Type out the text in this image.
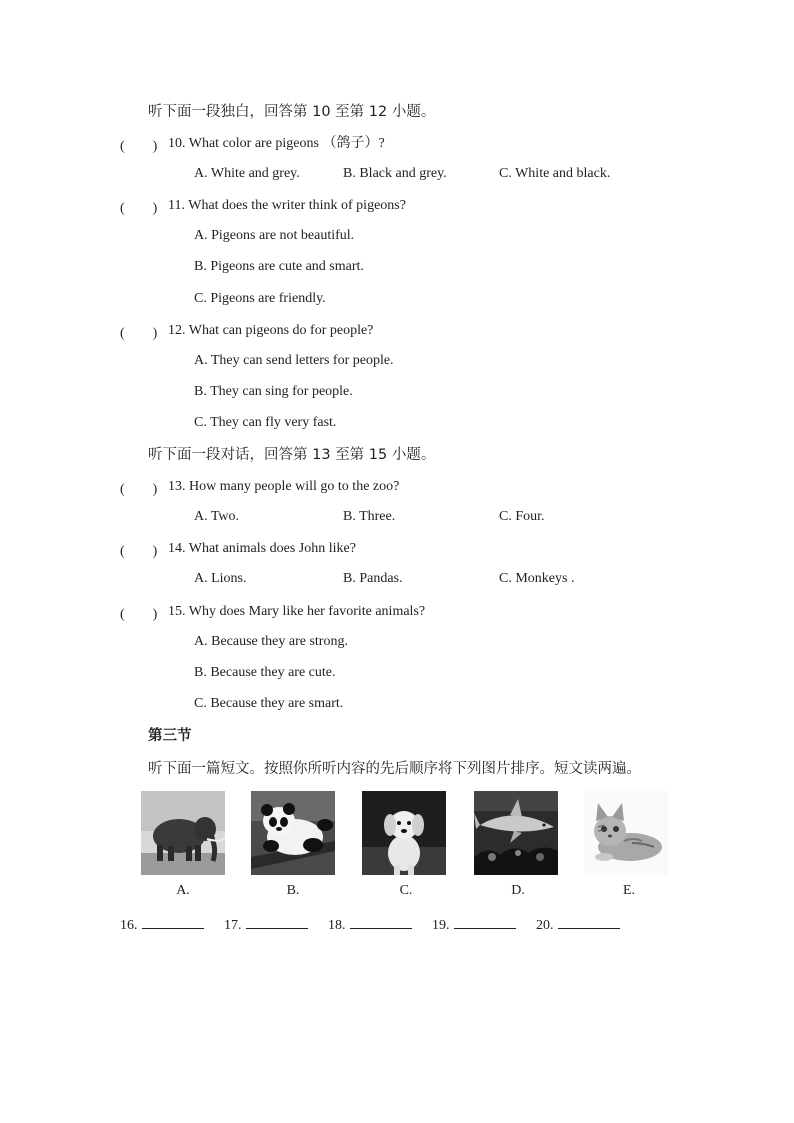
听下面一段独白，回答第 10 至第 12 小题。
(　　) 10. What color are pigeons （鸽子）?
A. White and grey.	B. Black and grey.	C. White and black.
(　　) 11. What does the writer think of pigeons?
A. Pigeons are not beautiful.
B. Pigeons are cute and smart.
C. Pigeons are friendly.
(　　) 12. What can pigeons do for people?
A. They can send letters for people.
B. They can sing for people.
C. They can fly very fast.
听下面一段对话，回答第 13 至第 15 小题。
(　　) 13. How many people will go to the zoo?
A. Two.	B. Three.	C. Four.
(　　) 14. What animals does John like?
A. Lions.	B. Pandas.	C. Monkeys .
(　　) 15. Why does Mary like her favorite animals?
A. Because they are strong.
B. Because they are cute.
C. Because they are smart.
第三节
听下面一篇短文。按照你所听内容的先后顺序将下列图片排序。短文读两遍。
A.	B.	C.	D.	E.
16.	17.	18.	19.	20.
